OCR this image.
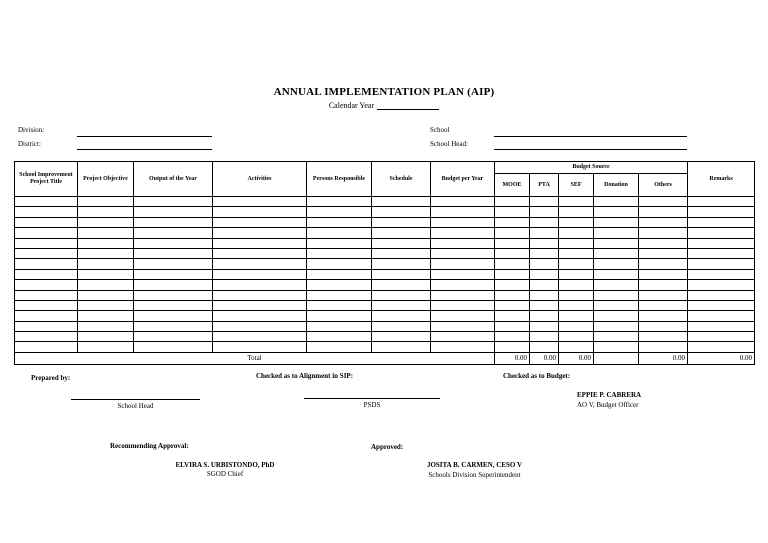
ANNUAL IMPLEMENTATION PLAN (AIP)
Calendar Year
Division:
District:
School
School Head:
School Improvement Project Title	Project Objective	Output of the Year	Activities	Persons Responsible	Schedule	Budget per Year	Budget Source					Remarks
							MOOE	PTA	SEF	Donation	Others	

Total							0.00	0.00	0.00		0.00	0.00
Prepared by:
School Head
Checked as to Alignment in SIP:
PSDS
Checked as to Budget:
EPPIE P. CABRERA
AO V, Budget Officer
Recommending Approval:
ELVIRA S. URBISTONDO, PhD
SGOD Chief
Approved:
JOSITA B. CARMEN, CESO V
Schools Division Superintendent
